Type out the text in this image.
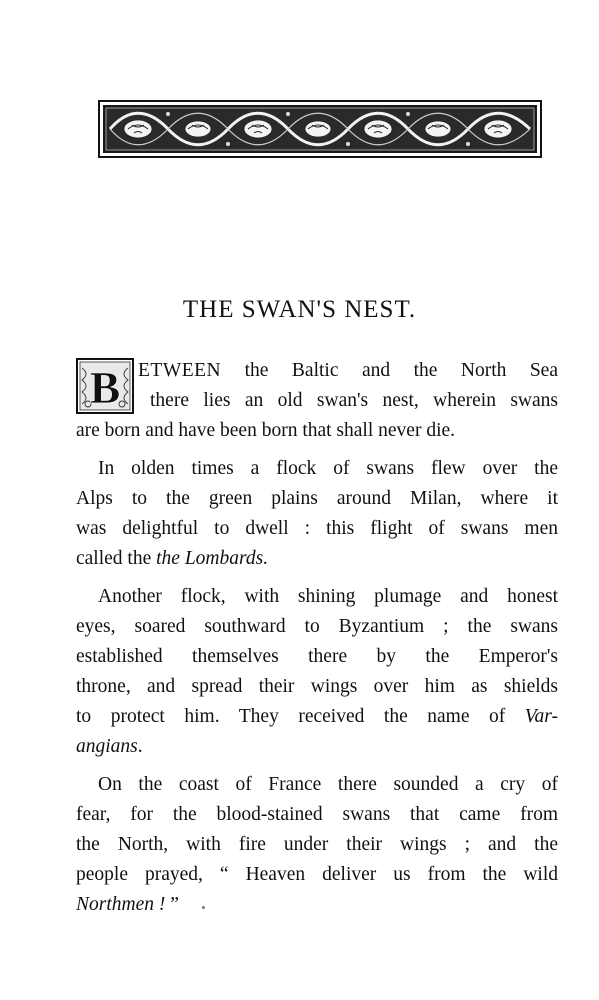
THE SWAN'S NEST.
B ETWEEN the Baltic and the North Sea
there lies an old swan's nest, wherein swans
are born and have been born that shall never die.
In olden times a flock of swans flew over the
Alps to the green plains around Milan, where it
was delightful to dwell : this flight of swans men
called the the Lombards.
Another flock, with shining plumage and honest
eyes, soared southward to Byzantium ; the swans
established themselves there by the Emperor's
throne, and spread their wings over him as shields
to protect him. They received the name of Var-
angians.
On the coast of France there sounded a cry of
fear, for the blood-stained swans that came from
the North, with fire under their wings ; and the
people prayed, “ Heaven deliver us from the wild
Northmen ! ”
